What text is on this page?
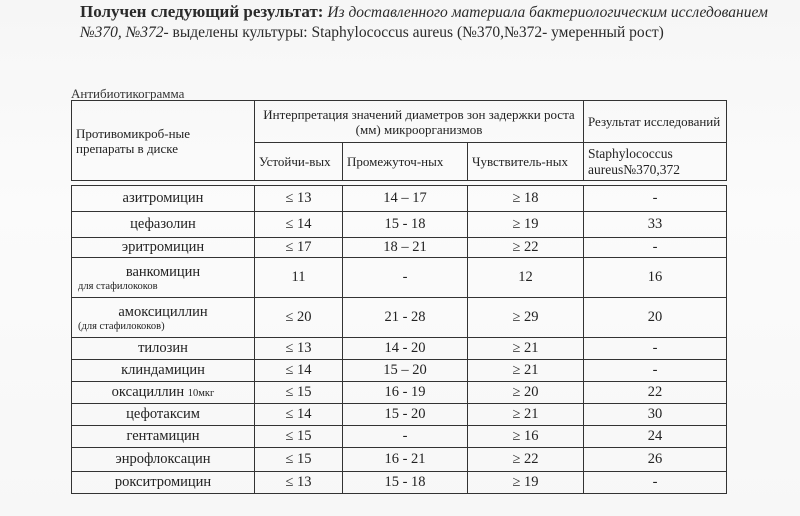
Получен следующий результат: Из доставленного материала бактериологическим исследованием №370, №372- выделены культуры: Staphylococcus aureus (№370,№372- умеренный рост)
Антибиотикограмма
Противомикроб-ные препараты в диске	Интерпретация значений диаметров зон задержки роста (мм) микроорганизмов			Результат исследований
	Устойчи-вых	Промежуточ-ных	Чувствитель-ных	Staphylococcus aureus№370,372

азитромицин	≤ 13	14 – 17	≥ 18	-
цефазолин	≤ 14	15 - 18	≥ 19	33
эритромицин	≤ 17	18 – 21	≥ 22	-
ванкомицин
для стафилококов	11	-	12	16
амоксициллин
(для стафилококов)	≤ 20	21 - 28	≥ 29	20
тилозин	≤ 13	14 - 20	≥ 21	-
клиндамицин	≤ 14	15 – 20	≥ 21	-
оксациллин 10мкг	≤ 15	16 - 19	≥ 20	22
цефотаксим	≤ 14	15 - 20	≥ 21	30
гентамицин	≤ 15	-	≥ 16	24
энрофлоксацин	≤ 15	16 - 21	≥ 22	26
рокситромицин	≤ 13	15 - 18	≥ 19	-
